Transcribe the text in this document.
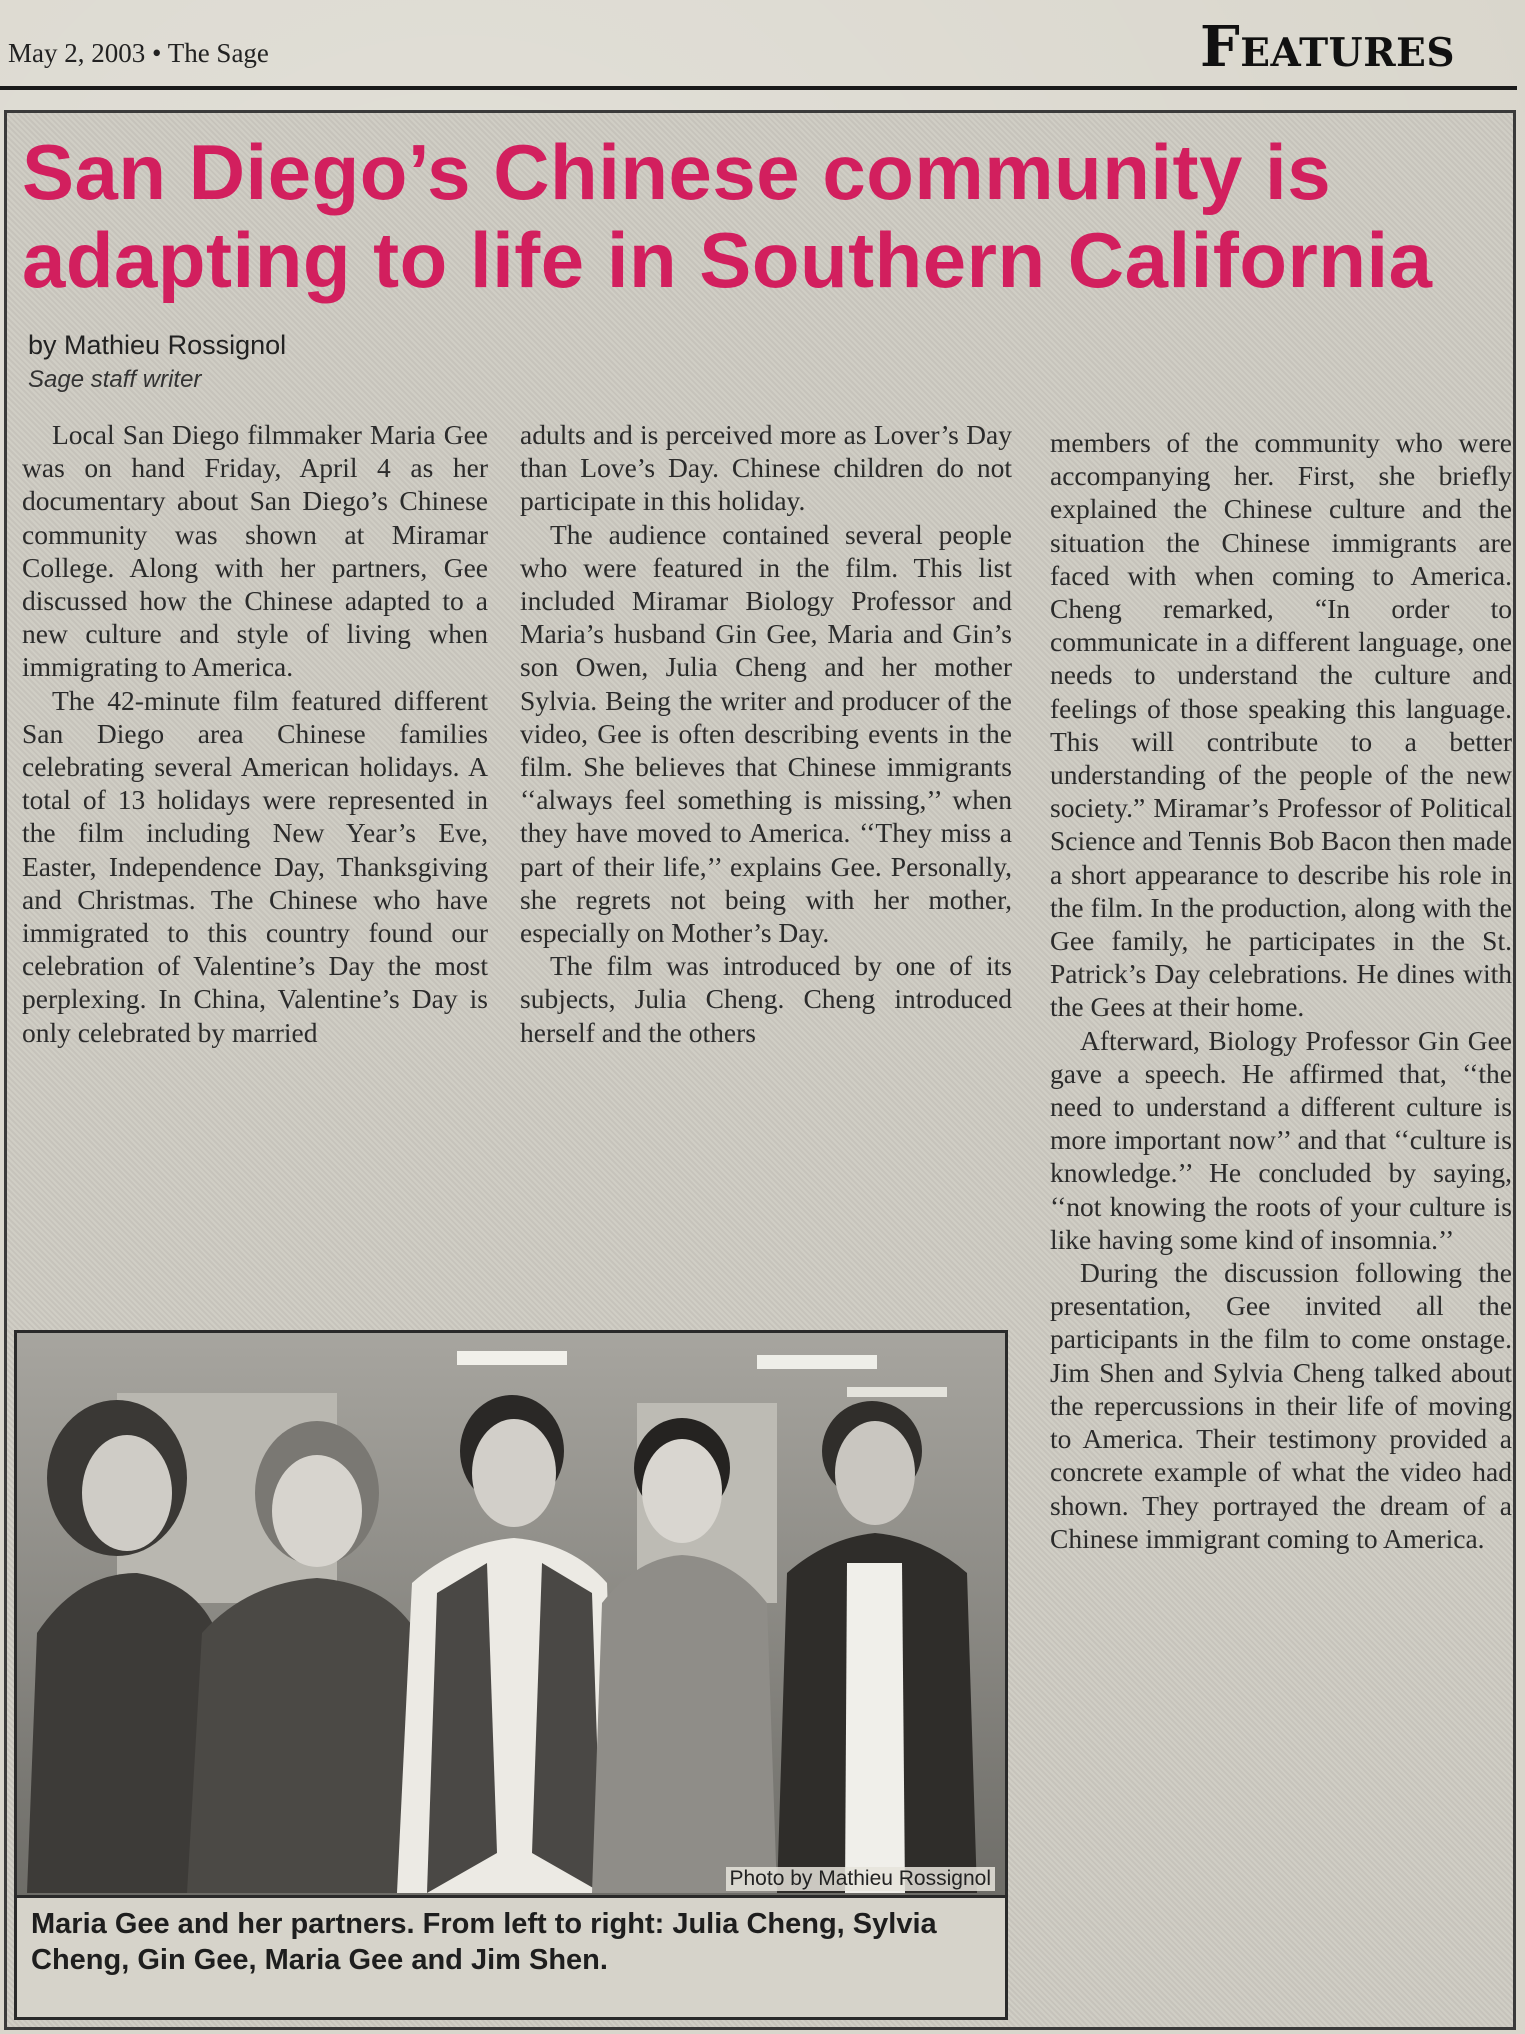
May 2, 2003 • The Sage	Features
San Diego’s Chinese community is adapting to life in Southern California
by Mathieu Rossignol
Sage staff writer

Local San Diego filmmaker Maria Gee was on hand Friday, April 4 as her documentary about San Diego’s Chinese community was shown at Miramar College. Along with her partners, Gee discussed how the Chinese adapted to a new culture and style of living when immigrating to America.

The 42-minute film featured different San Diego area Chinese families celebrating several American holidays. A total of 13 holidays were represented in the film including New Year’s Eve, Easter, Independence Day, Thanksgiving and Christmas. The Chinese who have immigrated to this country found our celebration of Valentine’s Day the most perplexing. In China, Valentine’s Day is only celebrated by married

adults and is perceived more as Lover’s Day than Love’s Day. Chinese children do not participate in this holiday.

The audience contained several people who were featured in the film. This list included Miramar Biology Professor and Maria’s husband Gin Gee, Maria and Gin’s son Owen, Julia Cheng and her mother Sylvia. Being the writer and producer of the video, Gee is often describing events in the film. She believes that Chinese immigrants ‘‘always feel something is missing,’’ when they have moved to America. ‘‘They miss a part of their life,’’ explains Gee. Personally, she regrets not being with her mother, especially on Mother’s Day.

The film was introduced by one of its subjects, Julia Cheng. Cheng introduced herself and the others

members of the community who were accompanying her. First, she briefly explained the Chinese culture and the situation the Chinese immigrants are faced with when coming to America. Cheng remarked, “In order to communicate in a different language, one needs to understand the culture and feelings of those speaking this language. This will contribute to a better understanding of the people of the new society.” Miramar’s Professor of Political Science and Tennis Bob Bacon then made a short appearance to describe his role in the film. In the production, along with the Gee family, he participates in the St. Patrick’s Day celebrations. He dines with the Gees at their home.

Afterward, Biology Professor Gin Gee gave a speech. He affirmed that, ‘‘the need to understand a different culture is more important now’’ and that ‘‘culture is knowledge.’’ He concluded by saying, ‘‘not knowing the roots of your culture is like having some kind of insomnia.’’

During the discussion following the presentation, Gee invited all the participants in the film to come onstage. Jim Shen and Sylvia Cheng talked about the repercussions in their life of moving to America. Their testimony provided a concrete example of what the video had shown. They portrayed the dream of a Chinese immigrant coming to America.

Photo by Mathieu Rossignol
Maria Gee and her partners. From left to right: Julia Cheng, Sylvia Cheng, Gin Gee, Maria Gee and Jim Shen.
